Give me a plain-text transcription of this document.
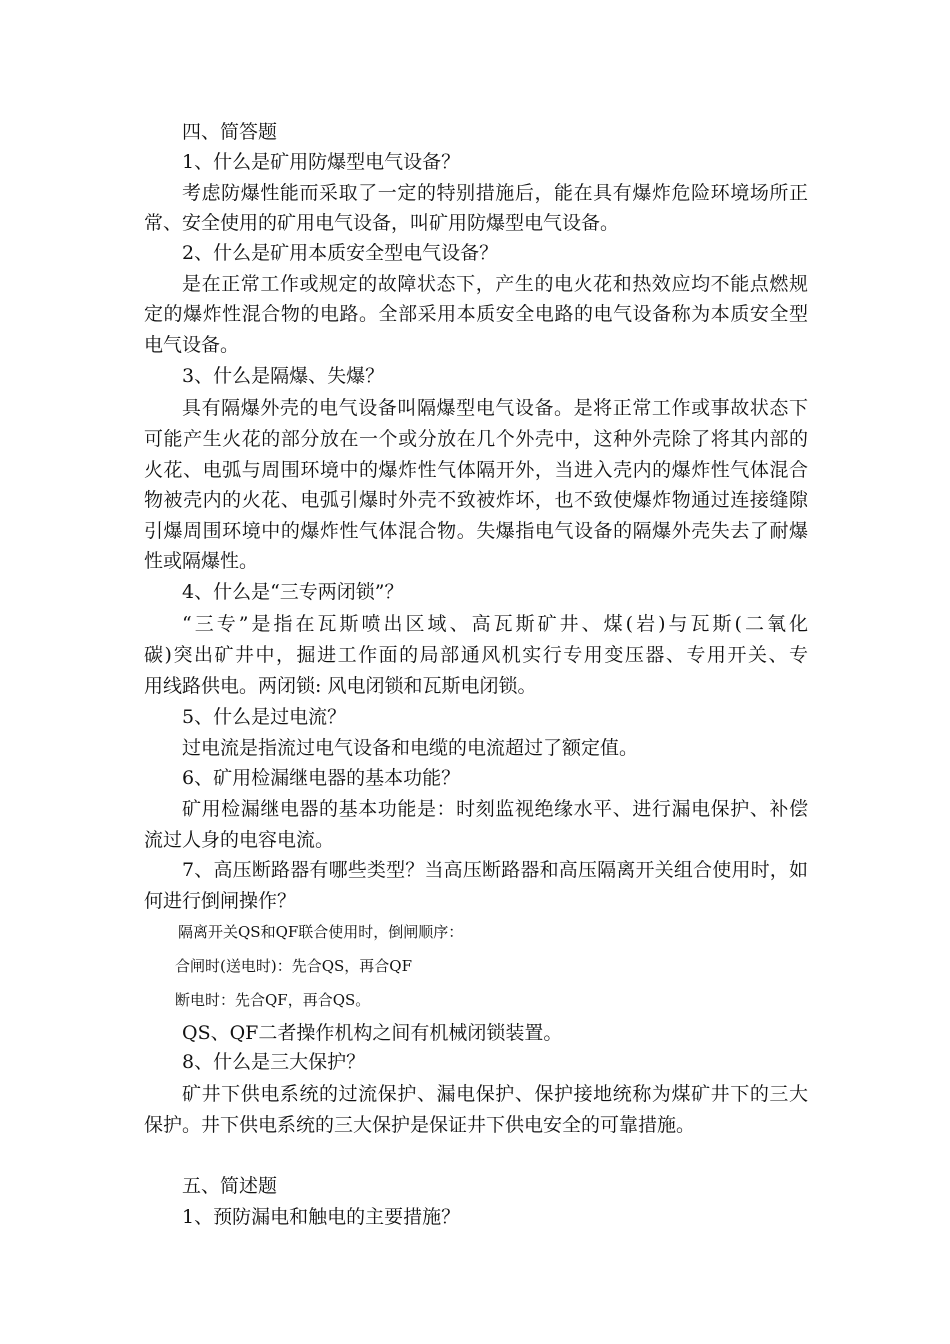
四、简答题
1、什么是矿用防爆型电气设备？
考虑防爆性能而采取了一定的特别措施后，能在具有爆炸危险环境场所正
常、安全使用的矿用电气设备，叫矿用防爆型电气设备。
2、什么是矿用本质安全型电气设备？
是在正常工作或规定的故障状态下，产生的电火花和热效应均不能点燃规
定的爆炸性混合物的电路。全部采用本质安全电路的电气设备称为本质安全型
电气设备。
3、什么是隔爆、失爆？
具有隔爆外壳的电气设备叫隔爆型电气设备。是将正常工作或事故状态下
可能产生火花的部分放在一个或分放在几个外壳中，这种外壳除了将其内部的
火花、电弧与周围环境中的爆炸性气体隔开外，当进入壳内的爆炸性气体混合
物被壳内的火花、电弧引爆时外壳不致被炸坏，也不致使爆炸物通过连接缝隙
引爆周围环境中的爆炸性气体混合物。失爆指电气设备的隔爆外壳失去了耐爆
性或隔爆性。
4、什么是“三专两闭锁”？
“三专”是指在瓦斯喷出区域、高瓦斯矿井、煤(岩)与瓦斯(二氧化
碳)突出矿井中，掘进工作面的局部通风机实行专用变压器、专用开关、专
用线路供电。两闭锁: 风电闭锁和瓦斯电闭锁。
5、什么是过电流？
过电流是指流过电气设备和电缆的电流超过了额定值。
6、矿用检漏继电器的基本功能？
矿用检漏继电器的基本功能是：时刻监视绝缘水平、进行漏电保护、补偿
流过人身的电容电流。
7、高压断路器有哪些类型？当高压断路器和高压隔离开关组合使用时，如
何进行倒闸操作？
隔离开关QS和QF联合使用时，倒闸顺序：
合闸时(送电时)：先合QS，再合QF
断电时：先合QF，再合QS。
QS、QF二者操作机构之间有机械闭锁装置。
8、什么是三大保护？
矿井下供电系统的过流保护、漏电保护、保护接地统称为煤矿井下的三大
保护。井下供电系统的三大保护是保证井下供电安全的可靠措施。
五、简述题
1、预防漏电和触电的主要措施？
